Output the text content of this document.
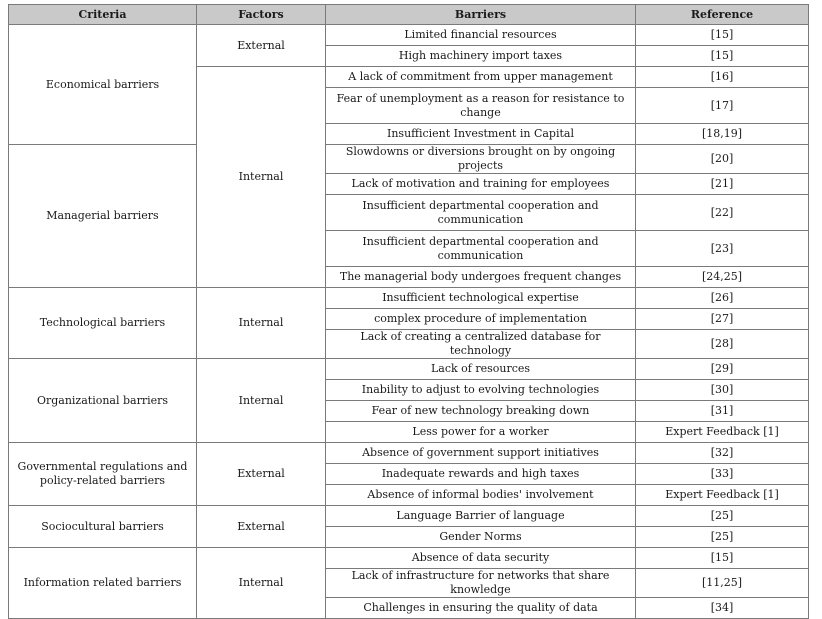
Criteria	Factors	Barriers	Reference
Economical barriers	External	Limited financial resources	[15]
		High machinery import taxes	[15]
	Internal	A lack of commitment from upper management	[16]
		Fear of unemployment as a reason for resistance to change	[17]
		Insufficient Investment in Capital	[18,19]
Managerial barriers		Slowdowns or diversions brought on by ongoing projects	[20]
		Lack of motivation and training for employees	[21]
		Insufficient departmental cooperation and communication	[22]
		Insufficient departmental cooperation and communication	[23]
		The managerial body undergoes frequent changes	[24,25]
Technological barriers	Internal	Insufficient technological expertise	[26]
		complex procedure of implementation	[27]
		Lack of creating a centralized database for technology	[28]
Organizational barriers	Internal	Lack of resources	[29]
		Inability to adjust to evolving technologies	[30]
		Fear of new technology breaking down	[31]
		Less power for a worker	Expert Feedback [1]
Governmental regulations and policy-related barriers	External	Absence of government support initiatives	[32]
		Inadequate rewards and high taxes	[33]
		Absence of informal bodies' involvement	Expert Feedback [1]
Sociocultural barriers	External	Language Barrier of language	[25]
		Gender Norms	[25]
Information related barriers	Internal	Absence of data security	[15]
		Lack of infrastructure for networks that share knowledge	[11,25]
		Challenges in ensuring the quality of data	[34]
